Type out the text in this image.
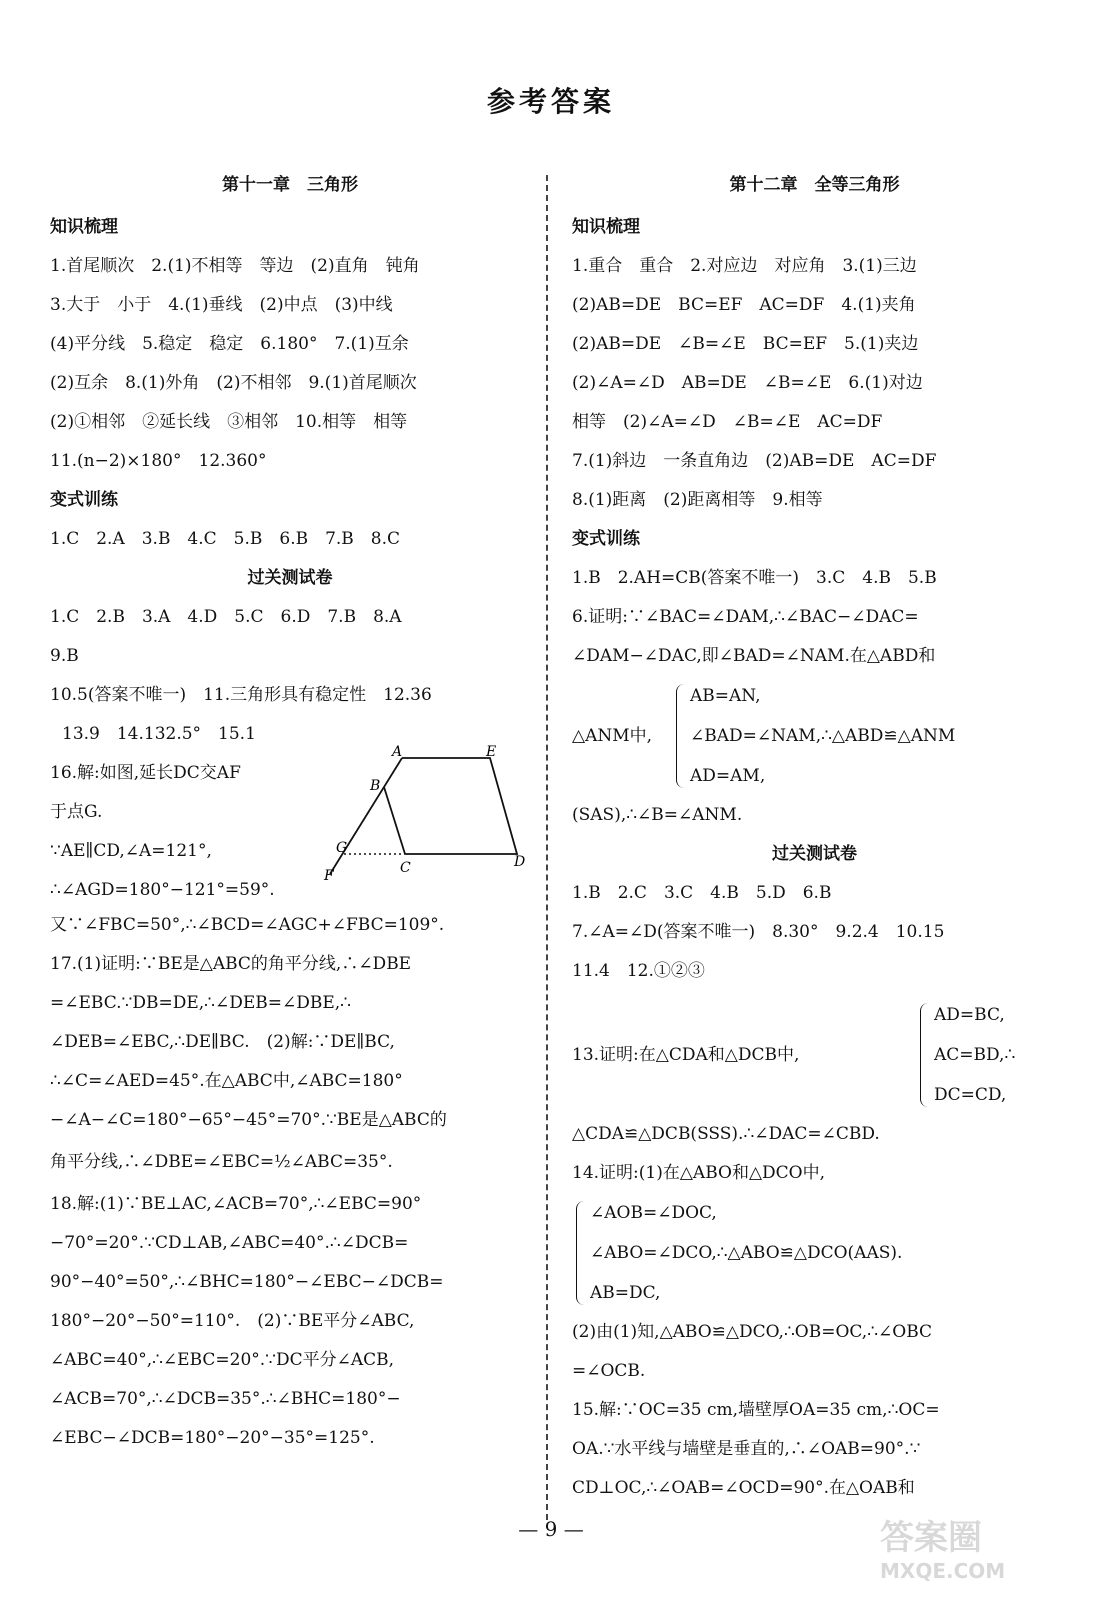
参考答案
第十一章　三角形
知识梳理
1.首尾顺次　2.(1)不相等　等边　(2)直角　钝角
3.大于　小于　4.(1)垂线　(2)中点　(3)中线
(4)平分线　5.稳定　稳定　6.180°　7.(1)互余
(2)互余　8.(1)外角　(2)不相邻　9.(1)首尾顺次
(2)①相邻　②延长线　③相邻　10.相等　相等
11.(n−2)×180°　12.360°
变式训练
1.C　2.A　3.B　4.C　5.B　6.B　7.B　8.C
过关测试卷
1.C　2.B　3.A　4.D　5.C　6.D　7.B　8.A
9.B
10.5(答案不唯一)　11.三角形具有稳定性　12.36
13.9　14.132.5°　15.1
16.解:如图,延长DC交AF
于点G.
∵AE∥CD,∠A=121°,
∴∠AGD=180°−121°=59°.
A	E
B
G
C	D
F
又∵∠FBC=50°,∴∠BCD=∠AGC+∠FBC=109°.
17.(1)证明:∵BE是△ABC的角平分线,∴∠DBE
=∠EBC.∵DB=DE,∴∠DEB=∠DBE,∴
∠DEB=∠EBC,∴DE∥BC.　(2)解:∵DE∥BC,
∴∠C=∠AED=45°.在△ABC中,∠ABC=180°
−∠A−∠C=180°−65°−45°=70°.∵BE是△ABC的
角平分线,∴∠DBE=∠EBC=½∠ABC=35°.
18.解:(1)∵BE⊥AC,∠ACB=70°,∴∠EBC=90°
−70°=20°.∵CD⊥AB,∠ABC=40°.∴∠DCB=
90°−40°=50°,∴∠BHC=180°−∠EBC−∠DCB=
180°−20°−50°=110°.　(2)∵BE平分∠ABC,
∠ABC=40°,∴∠EBC=20°.∵DC平分∠ACB,
∠ACB=70°,∴∠DCB=35°.∴∠BHC=180°−
∠EBC−∠DCB=180°−20°−35°=125°.
第十二章　全等三角形
知识梳理
1.重合　重合　2.对应边　对应角　3.(1)三边
(2)AB=DE　BC=EF　AC=DF　4.(1)夹角
(2)AB=DE　∠B=∠E　BC=EF　5.(1)夹边
(2)∠A=∠D　AB=DE　∠B=∠E　6.(1)对边
相等　(2)∠A=∠D　∠B=∠E　AC=DF
7.(1)斜边　一条直角边　(2)AB=DE　AC=DF
8.(1)距离　(2)距离相等　9.相等
变式训练
1.B　2.AH=CB(答案不唯一)　3.C　4.B　5.B
6.证明:∵∠BAC=∠DAM,∴∠BAC−∠DAC=
∠DAM−∠DAC,即∠BAD=∠NAM.在△ABD和
△ANM中,
AB=AN,
∠BAD=∠NAM,∴△ABD≌△ANM
AD=AM,
(SAS),∴∠B=∠ANM.
过关测试卷
1.B　2.C　3.C　4.B　5.D　6.B
7.∠A=∠D(答案不唯一)　8.30°　9.2.4　10.15
11.4　12.①②③
13.证明:在△CDA和△DCB中,
AD=BC,
AC=BD,∴
DC=CD,
△CDA≌△DCB(SSS).∴∠DAC=∠CBD.
14.证明:(1)在△ABO和△DCO中,
∠AOB=∠DOC,
∠ABO=∠DCO,∴△ABO≌△DCO(AAS).
AB=DC,
(2)由(1)知,△ABO≌△DCO,∴OB=OC,∴∠OBC
=∠OCB.
15.解:∵OC=35 cm,墙壁厚OA=35 cm,∴OC=
OA.∵水平线与墙壁是垂直的,∴∠OAB=90°.∵
CD⊥OC,∴∠OAB=∠OCD=90°.在△OAB和
— 9 —	答案圈
MXQE.COM
